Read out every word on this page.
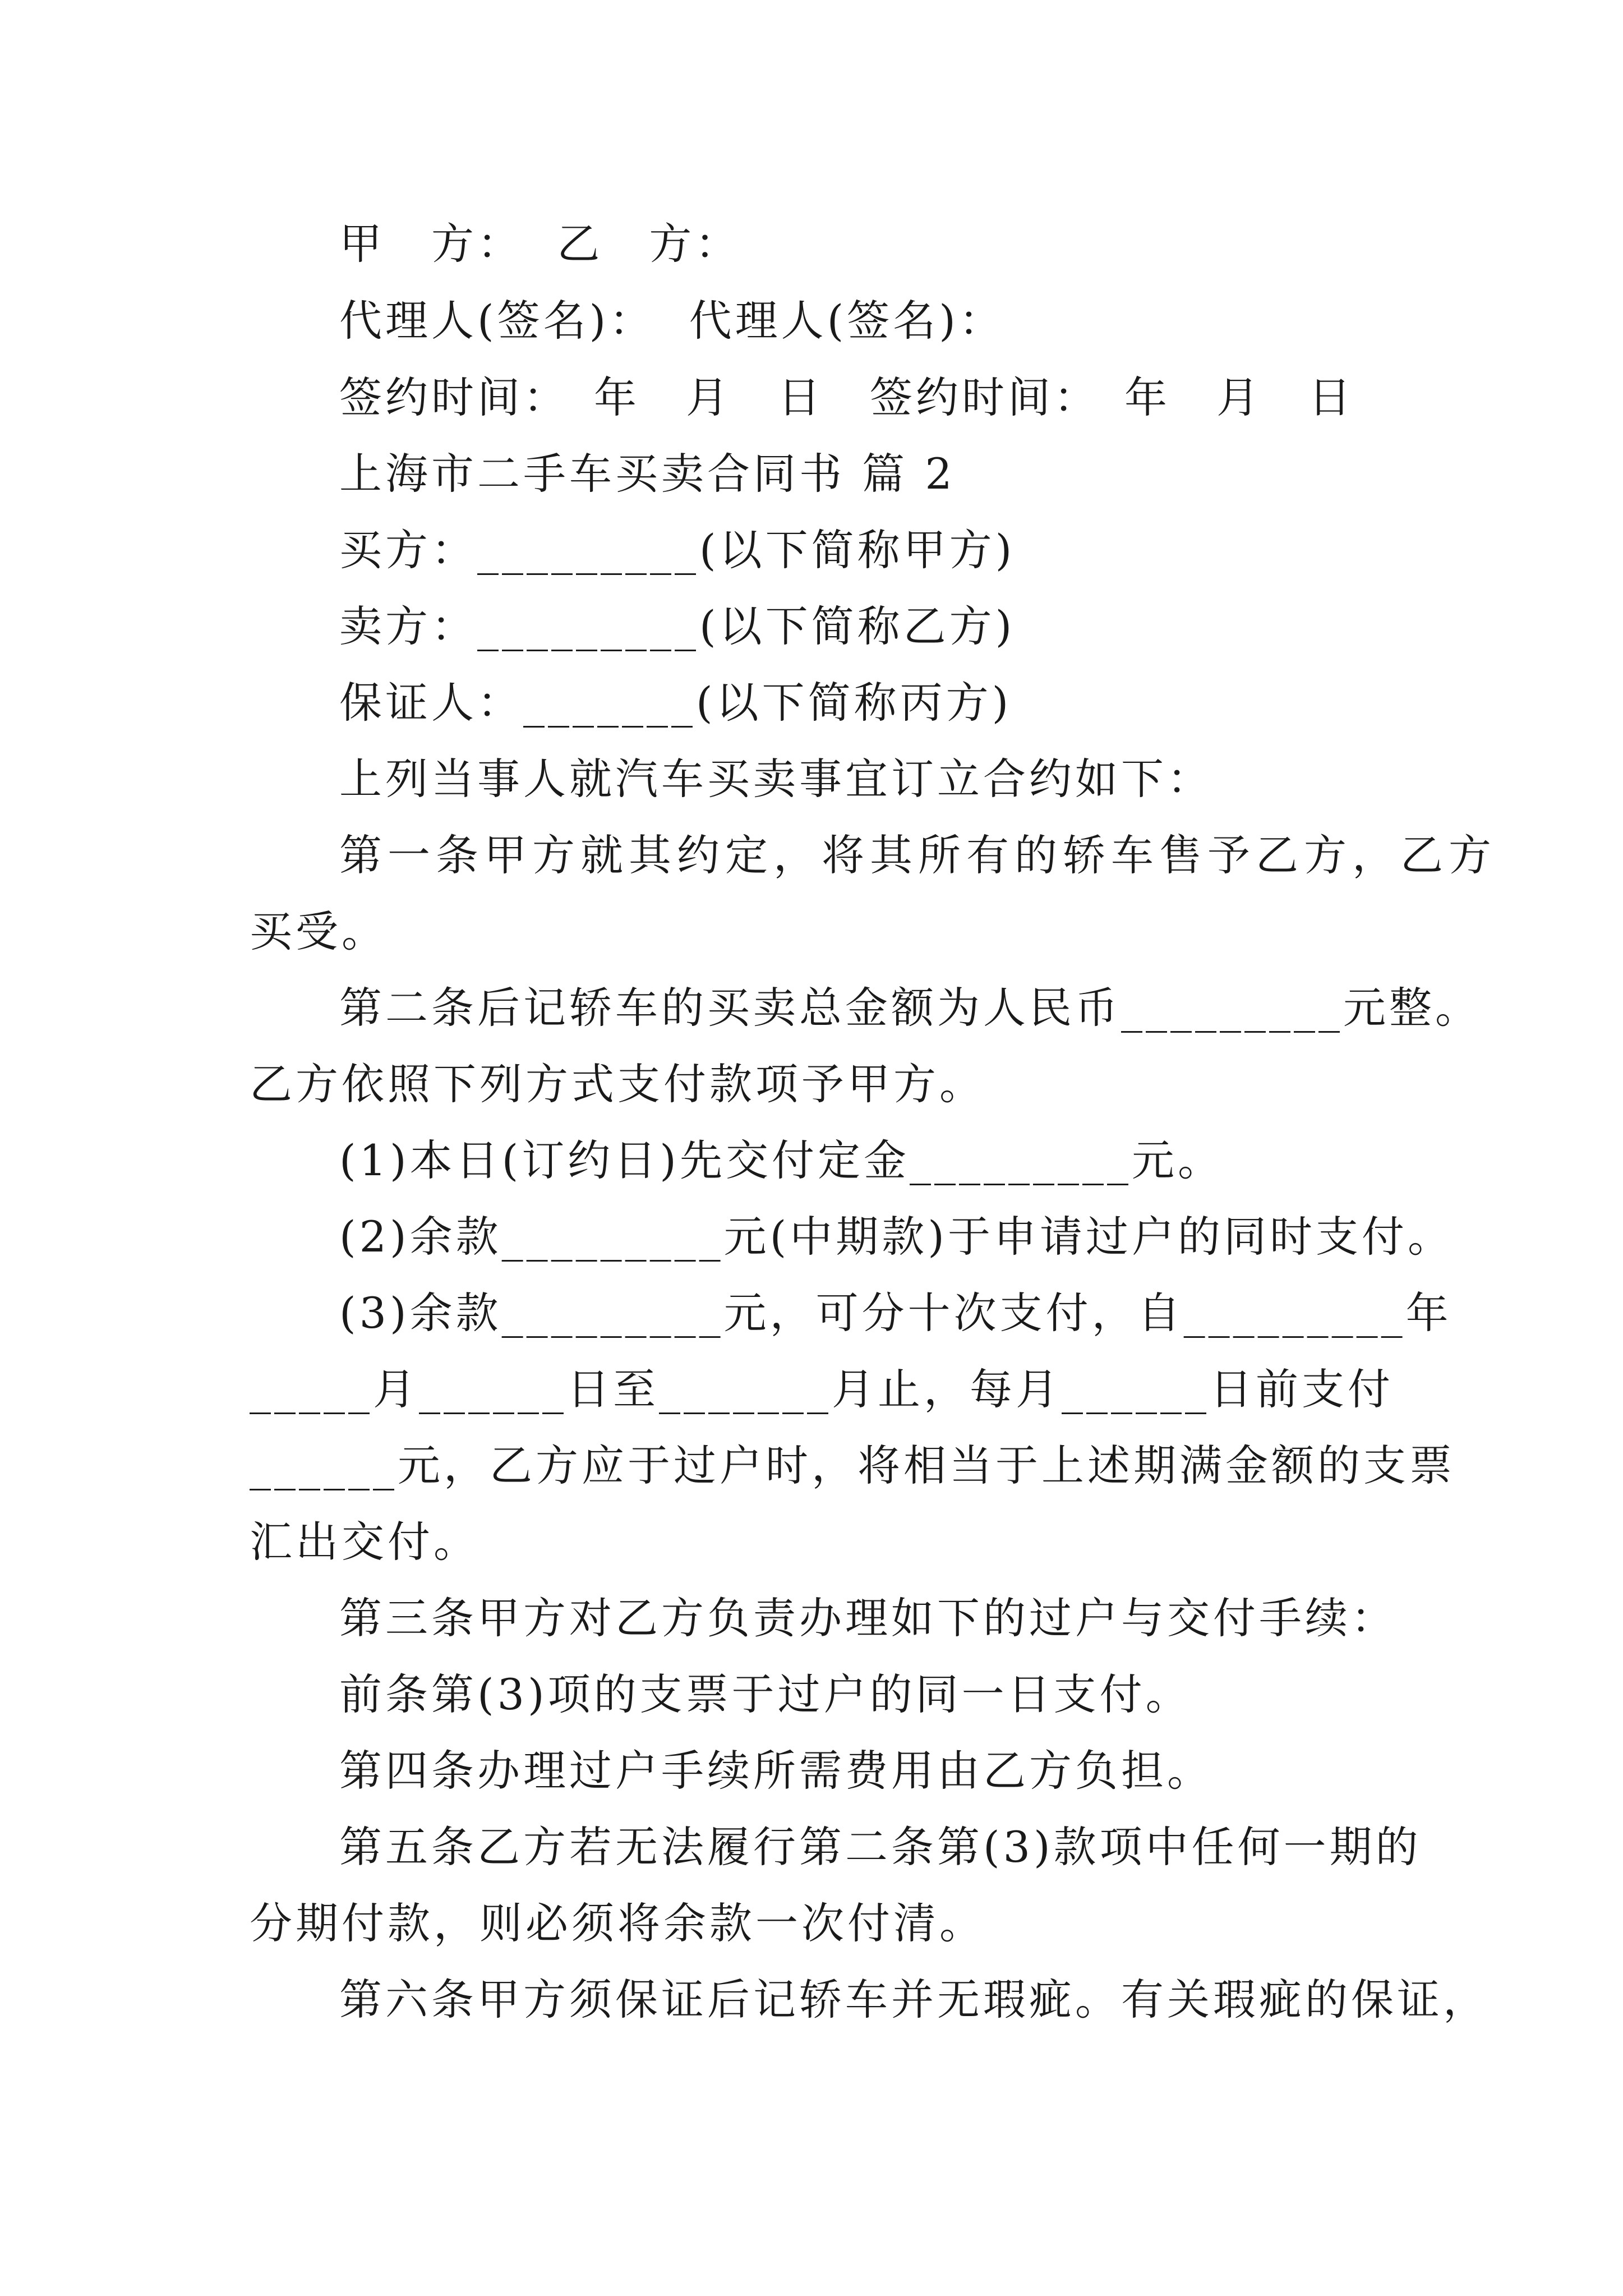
甲　方：  乙　方：
代理人(签名)：  代理人(签名)：
签约时间：　年　月　日　签约时间：　年　月　日
上海市二手车买卖合同书 篇 2
买方：_________(以下简称甲方)
卖方：_________(以下简称乙方)
保证人：_______(以下简称丙方)
上列当事人就汽车买卖事宜订立合约如下：
第一条甲方就其约定，将其所有的轿车售予乙方，乙方
买受。
第二条后记轿车的买卖总金额为人民币_________元整。
乙方依照下列方式支付款项予甲方。
(1)本日(订约日)先交付定金_________元。
(2)余款_________元(中期款)于申请过户的同时支付。
(3)余款_________元，可分十次支付，自_________年
_____月______日至_______月止，每月______日前支付
______元，乙方应于过户时，将相当于上述期满金额的支票
汇出交付。
第三条甲方对乙方负责办理如下的过户与交付手续：
前条第(3)项的支票于过户的同一日支付。
第四条办理过户手续所需费用由乙方负担。
第五条乙方若无法履行第二条第(3)款项中任何一期的
分期付款，则必须将余款一次付清。
第六条甲方须保证后记轿车并无瑕疵。有关瑕疵的保证，
